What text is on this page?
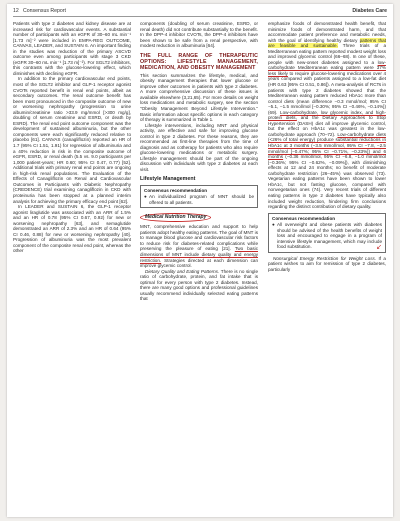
12 Consensus Report	Diabetes Care

Patients with type 2 diabetes and kidney disease are at increased risk for cardiovascular events. A substantial number of participants with an eGFR of 30–60 mL min⁻¹ [1.73 m]⁻² were included in EMPA-REG OUTCOME, CANVAS, LEADER, and SUSTAIN 6. An important finding in the studies was reduction of the primary ASCVD outcome even among participants with stage 3 CKD (eGFR 30–60 mL min⁻¹ [1.73 m]⁻²). For SGLT2 inhibitors, this contrasts with the glucose-lowering effect, which diminishes with declining eGFR.

In addition to the primary cardiovascular end points, most of the SGLT2 inhibitor and GLP-1 receptor agonist CVOTs reported benefit in renal end points, albeit as secondary outcomes. The renal outcome benefit has been most pronounced in the composite outcome of new or worsening nephropathy (progression to urine albumin/creatinine ratio >33.9 mg/mmol [>300 mg/g], doubling of serum creatinine and ESRD, or death by ESRD). The renal end point outcome component was the development of sustained albuminuria, but the other components were each significantly reduced relative to placebo [61]. CANVAS (canagliflozin) reported an HR of 1.7 (95% CI 1.51, 1.91) for regression of albuminuria and a 40% reduction in risk in the composite outcome of eGFR, ESRD, or renal death (5.5 vs. 9.0 participants per 1,000 patient-years; HR 0.60; 95% CI 0.47, 0.77) [52]. Additional trials with primary renal end points are ongoing in high-risk renal populations. The Evaluation of the Effects of Canagliflozin on Renal and Cardiovascular Outcomes in Participants with Diabetic Nephropathy (CREDENCE) trial examining canagliflozin in CKD with proteinuria has been stopped at a planned interim analysis for achieving the primary efficacy end point [62].

In LEADER and SUSTAIN 6, the GLP-1 receptor agonist liraglutide was associated with an ARR of 1.5% and an HR of 0.78 (95% CI 0.67, 0.92) for new or worsening nephropathy [63], and semaglutide demonstrated an ARR of 2.3% and an HR of 0.64 (95% CI 0.46, 0.88) for new or worsening nephropathy [40]. Progression of albuminuria was the most prevalent component of the composite renal end point, whereas the other

components (doubling of serum creatinine, ESRD, or renal death) did not contribute substantially to the benefit. In the DPP-4 inhibitor CVOTs, the DPP-4 inhibitors have been shown to be safe from a renal perspective, with modest reduction in albuminuria [64].

THE FULL RANGE OF THERAPEUTIC OPTIONS: LIFESTYLE MANAGEMENT, MEDICATION, AND OBESITY MANAGEMENT

This section summarizes the lifestyle, medical, and obesity management therapies that lower glucose or improve other outcomes in patients with type 2 diabetes. A more comprehensive discussion of these issues is available elsewhere (3,21,65). For more details on weight loss medications and metabolic surgery, see the section "Obesity Management Beyond Lifestyle Intervention." Basic information about specific options in each category of therapy is summarized in Table 1.

Lifestyle interventions, including MNT and physical activity, are effective and safe for improving glucose control in type 2 diabetes. For these reasons, they are recommended as first-line therapies from the time of diagnosis and as cotherapy for patients who also require glucose-lowering medications or metabolic surgery. Lifestyle management should be part of the ongoing discussion with individuals with type 2 diabetes at each visit.

Lifestyle Management
Consensus recommendation
● An individualized program of MNT should be offered to all patients.
Medical Nutrition Therapy

MNT, comprehensive education and support to help patients adopt healthy eating patterns. The goal of MNT is to manage blood glucose and cardiovascular risk factors to reduce risk for diabetes-related complications while preserving the pleasure of eating [21]. Two basic dimensions of MNT include dietary quality and energy restriction. Strategies directed at each dimension can improve glycemic control.

Dietary Quality and Eating Patterns. There is no single ratio of carbohydrate, protein, and fat intake that is optimal for every person with type 2 diabetes. Instead, there are many good options and professional guidelines usually recommend individually selected eating patterns that

emphasize foods of demonstrated health benefit, that minimize foods of demonstrated harm, and that accommodate patient preference and metabolic needs, with the goal of identifying healthy dietary patterns that are feasible and sustainable. Three trials of a Mediterranean eating pattern reported modest weight loss and improved glycemic control (66–68). In one of these, people with new-onset diabetes assigned to a low-carbohydrate Mediterranean eating pattern were 37% less likely to require glucose-lowering medications over 4 years compared with patients assigned to a low-fat diet (HR 0.63 [95% CI 0.51, 0.86]). A meta-analysis of RCTs in patients with type 2 diabetes showed that the Mediterranean eating pattern reduced HbA1c more than control diets (mean difference −0.3 mmol/mol; 95% CI −5.1, −1.5 mmol/mol [−0.30%; 95% CI −0.46%, −0.14%]) (69). Low-carbohydrate, low glycemic index, and high-protein diets, and the Dietary Approaches to Stop Hypertension (DASH) diet all improve glycemic control, but the effect on HbA1c was greatest in the low-carbohydrate approach (70–72). Low-carbohydrate diets (<26% of total energy) produce substantial reductions in HbA1c at 3 months (−3.5 mmol/mol, 95% CI −7.8, −2.5 mmol/mol [−0.47%; 95% CI −0.71%, −0.23%]) and 6 months (−0.36 mmol/mol, 95% CI −6.8, −1.0 mmol/mol [−0.36%; 95% CI −0.62%, −0.09%]), with diminishing effects at 12 and 24 months; no benefit of moderate carbohydrate restriction (26–45%) was observed (73). Vegetarian eating patterns have been shown to lower HbA1c, but not fasting glucose, compared with nonvegetarian ones (74). Very recent trials of different eating patterns in type 2 diabetes have typically also included weight reduction, hindering firm conclusions regarding the distinct contribution of dietary quality.

Consensus recommendation
● All overweight and obese patients with diabetes should be advised of the health benefits of weight loss and encouraged to engage in a program of intensive lifestyle management, which may include food substitution.	↙

Nonsurgical Energy Restriction for Weight Loss. If a patient wishes to aim for remission of type 2 diabetes, particularly
